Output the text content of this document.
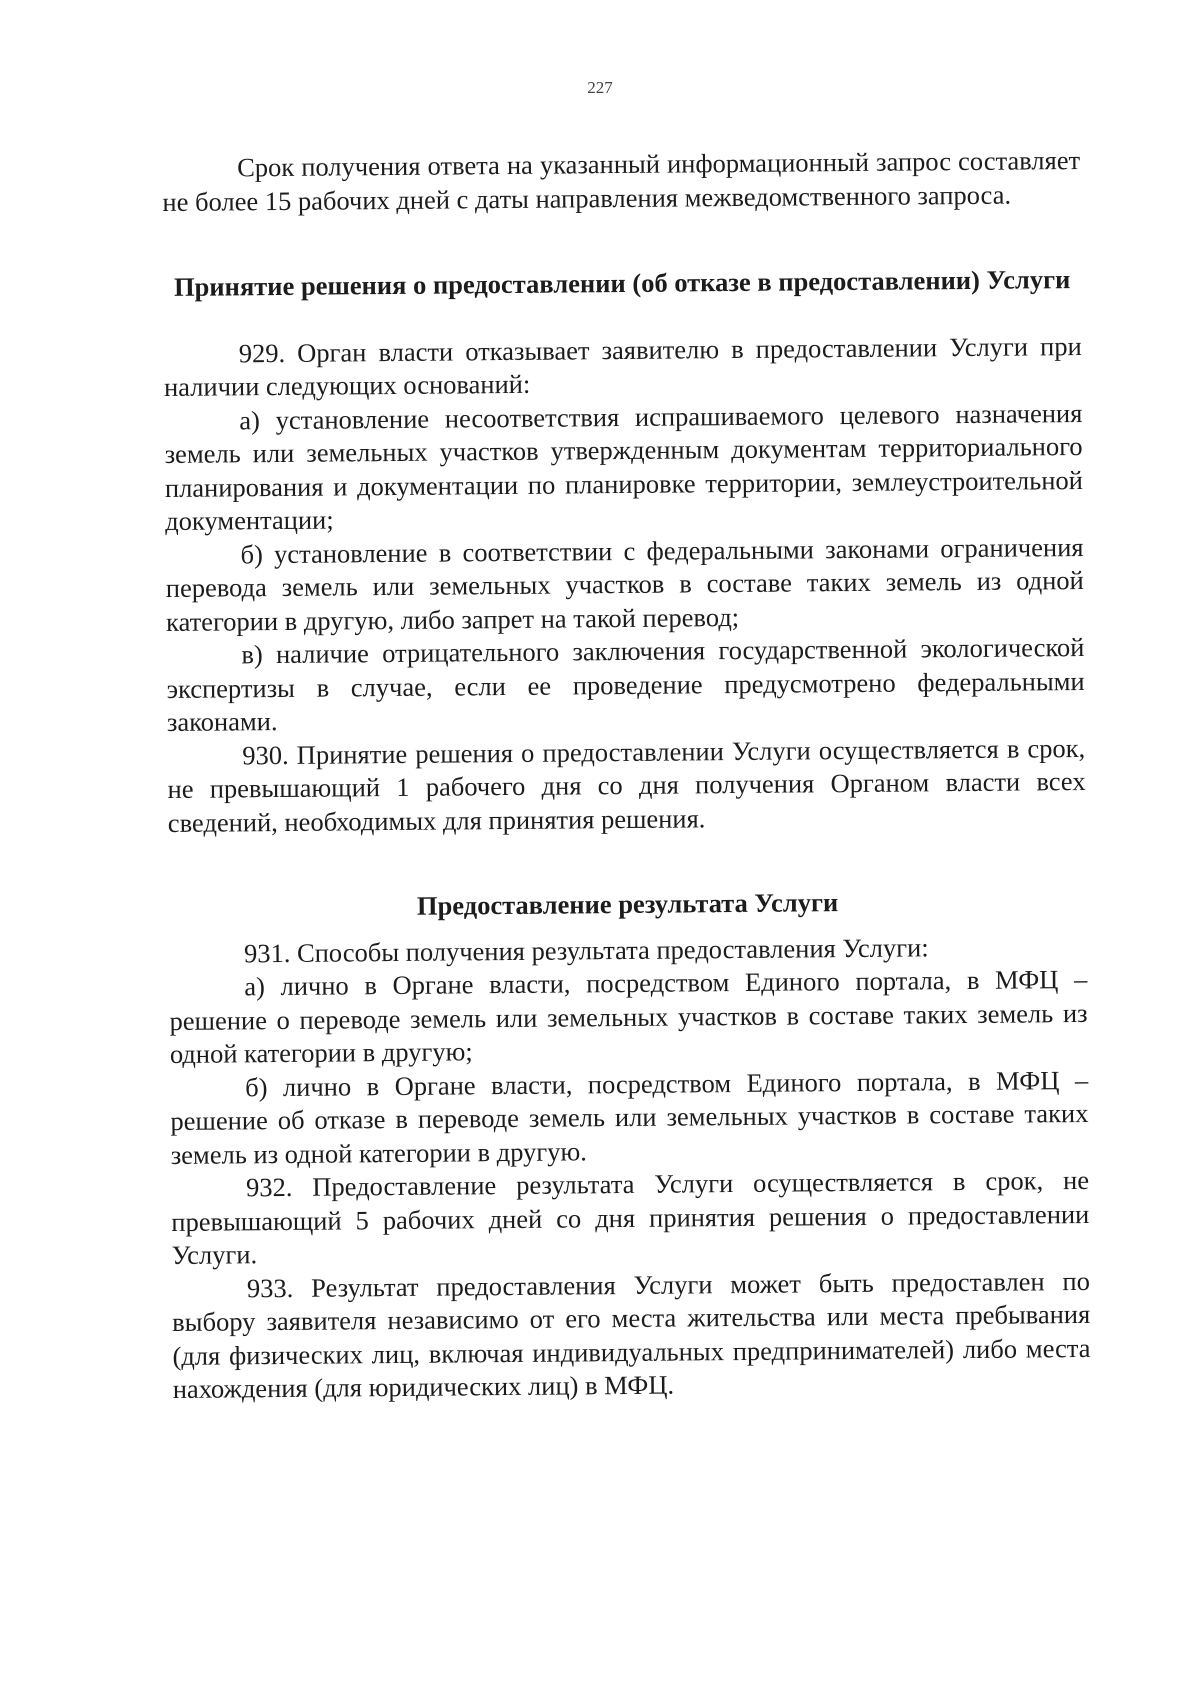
227

Срок получения ответа на указанный информационный запрос составляет не более 15 рабочих дней с даты направления межведомственного запроса.

Принятие решения о предоставлении (об отказе в предоставлении) Услуги

929. Орган власти отказывает заявителю в предоставлении Услуги при наличии следующих оснований:

а) установление несоответствия испрашиваемого целевого назначения земель или земельных участков утвержденным документам территориального планирования и документации по планировке территории, землеустроительной документации;

б) установление в соответствии с федеральными законами ограничения перевода земель или земельных участков в составе таких земель из одной категории в другую, либо запрет на такой перевод;

в) наличие отрицательного заключения государственной экологической экспертизы в случае, если ее проведение предусмотрено федеральными законами.

930. Принятие решения о предоставлении Услуги осуществляется в срок, не превышающий 1 рабочего дня со дня получения Органом власти всех сведений, необходимых для принятия решения.

Предоставление результата Услуги

931. Способы получения результата предоставления Услуги:

а) лично в Органе власти, посредством Единого портала, в МФЦ – решение о переводе земель или земельных участков в составе таких земель из одной категории в другую;

б) лично в Органе власти, посредством Единого портала, в МФЦ – решение об отказе в переводе земель или земельных участков в составе таких земель из одной категории в другую.

932. Предоставление результата Услуги осуществляется в срок, не превышающий 5 рабочих дней со дня принятия решения о предоставлении Услуги.

933. Результат предоставления Услуги может быть предоставлен по выбору заявителя независимо от его места жительства или места пребывания (для физических лиц, включая индивидуальных предпринимателей) либо места нахождения (для юридических лиц) в МФЦ.
